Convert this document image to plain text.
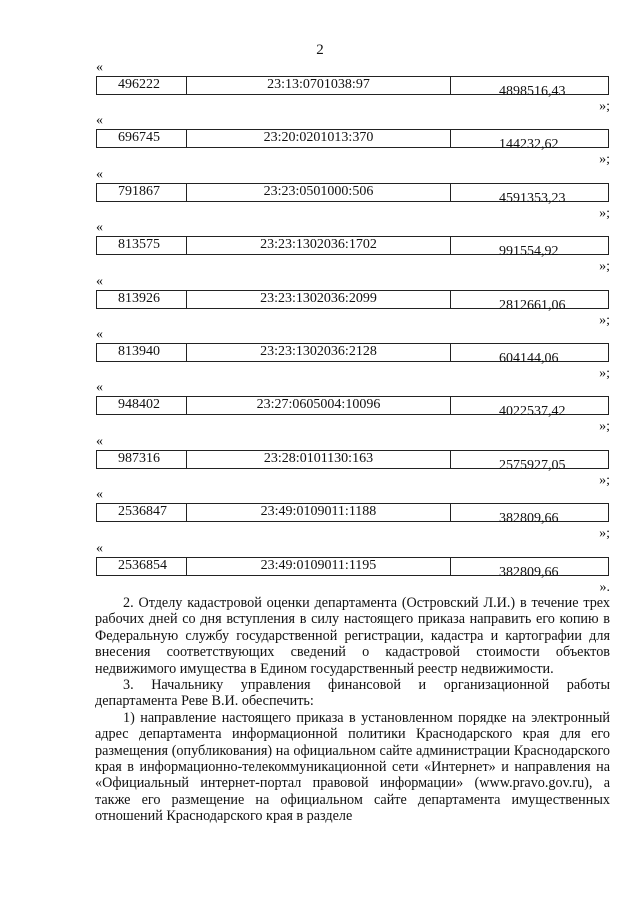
2
«
496222	23:13:0701038:97	4898516,43
»;
«
696745	23:20:0201013:370	144232,62
»;
«
791867	23:23:0501000:506	4591353,23
»;
«
813575	23:23:1302036:1702	991554,92
»;
«
813926	23:23:1302036:2099	2812661,06
»;
«
813940	23:23:1302036:2128	604144,06
»;
«
948402	23:27:0605004:10096	4022537,42
»;
«
987316	23:28:0101130:163	2575927,05
»;
«
2536847	23:49:0109011:1188	382809,66
»;
«
2536854	23:49:0109011:1195	382809,66
».

2. Отделу кадастровой оценки департамента (Островский Л.И.) в течение трех рабочих дней со дня вступления в силу настоящего приказа направить его копию в Федеральную службу государственной регистрации, кадастра и картографии для внесения соответствующих сведений о кадастровой стоимости объектов недвижимого имущества в Едином государственный реестр недвижимости.

3. Начальнику управления финансовой и организационной работы департамента Реве В.И. обеспечить:

1) направление настоящего приказа в установленном порядке на электронный адрес департамента информационной политики Краснодарского края для его размещения (опубликования) на официальном сайте администрации Краснодарского края в информационно-телекоммуникационной сети «Интернет» и направления на «Официальный интернет-портал правовой информации» (www.pravo.gov.ru), а также его размещение на официальном сайте департамента имущественных отношений Краснодарского края в разделе
